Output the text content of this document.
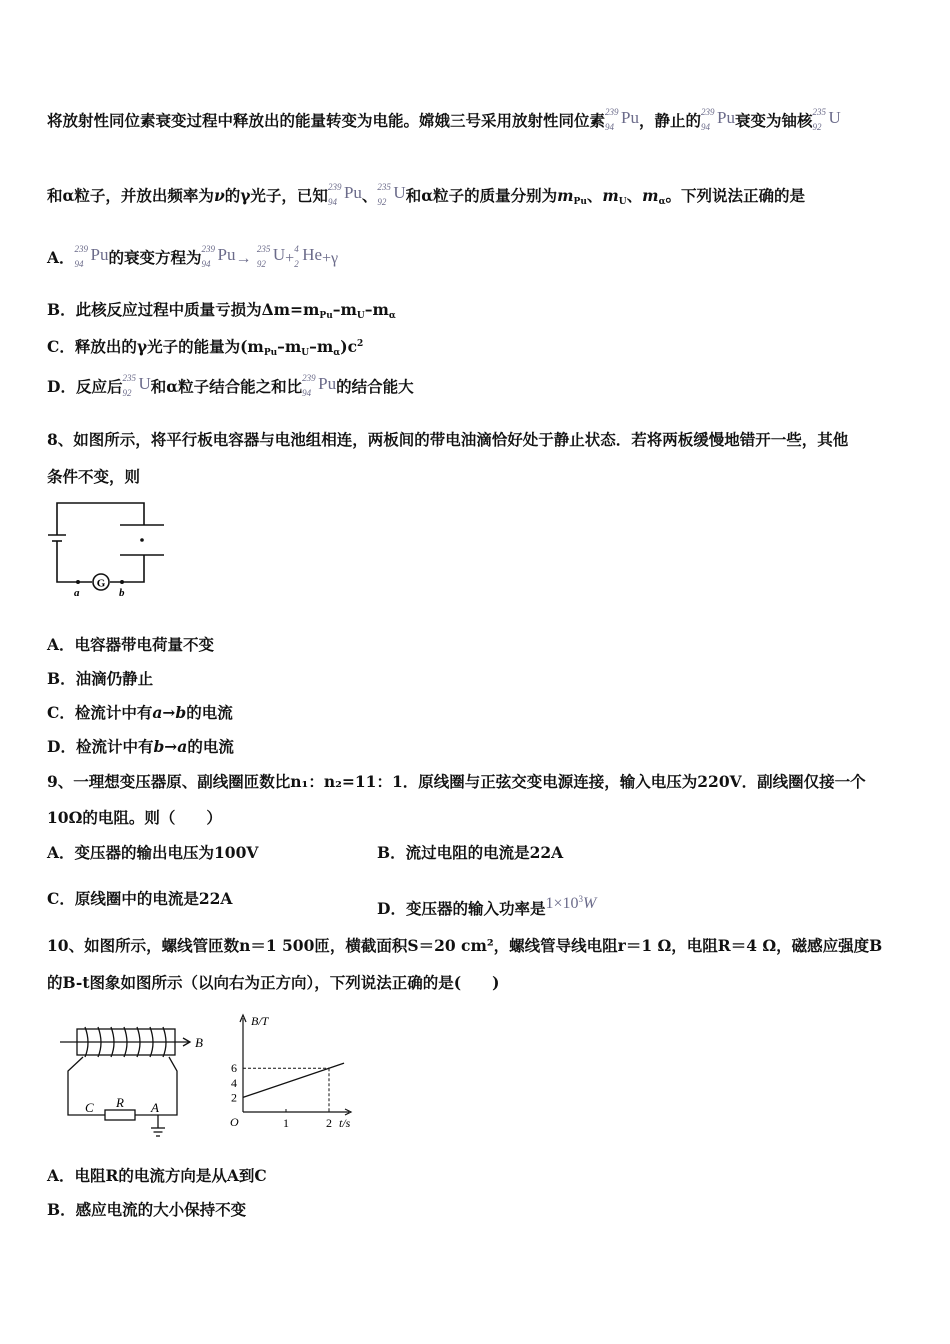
将放射性同位素衰变过程中释放出的能量转变为电能。嫦娥三号采用放射性同位素 239
94 Pu，静止的 239
94 Pu衰变为铀核 235
92 U
和α粒子，并放出频率为ν的γ光子，已知 239
94 Pu、 235
92 U和α粒子的质量分别为$m_{Pu}$、$m_U$、$m_\alpha$。下列说法正确的是
A． 239
94 Pu的衰变方程为 239
94 Pu→
235
92 U+
4
2 He+γ
B．此核反应过程中质量亏损为$\Delta m=m_{Pu}-m_U-m_\alpha$
C．释放出的γ光子的能量为$(m_{Pu}-m_U-m_\alpha)c^2$
D．反应后 235
92 U和α粒子结合能之和比 239
94 Pu的结合能大
8、如图所示，将平行板电容器与电池组相连，两板间的带电油滴恰好处于静止状态．若将两板缓慢地错开一些，其他
条件不变，则
G
a	b
A．电容器带电荷量不变
B．油滴仍静止
C．检流计中有a→b的电流
D．检流计中有b→a的电流
9、一理想变压器原、副线圈匝数比n₁：n₂=11：1．原线圈与正弦交变电源连接，输入电压为220V．副线圈仅接一个
10Ω的电阻。则（　　）
A．变压器的输出电压为100V	B．流过电阻的电流是22A
C．原线圈中的电流是22A
D．变压器的输入功率是$1\times 10^3W$
10、如图所示，螺线管匝数n＝1 500匝，横截面积S＝20 cm²，螺线管导线电阻r＝1 Ω，电阻R＝4 Ω，磁感应强度B
的B-t图象如图所示（以向右为正方向），下列说法正确的是(　　)
B
C R A
2
4
6
1	2
B/T
t/s
O
A．电阻R的电流方向是从A到C
B．感应电流的大小保持不变
